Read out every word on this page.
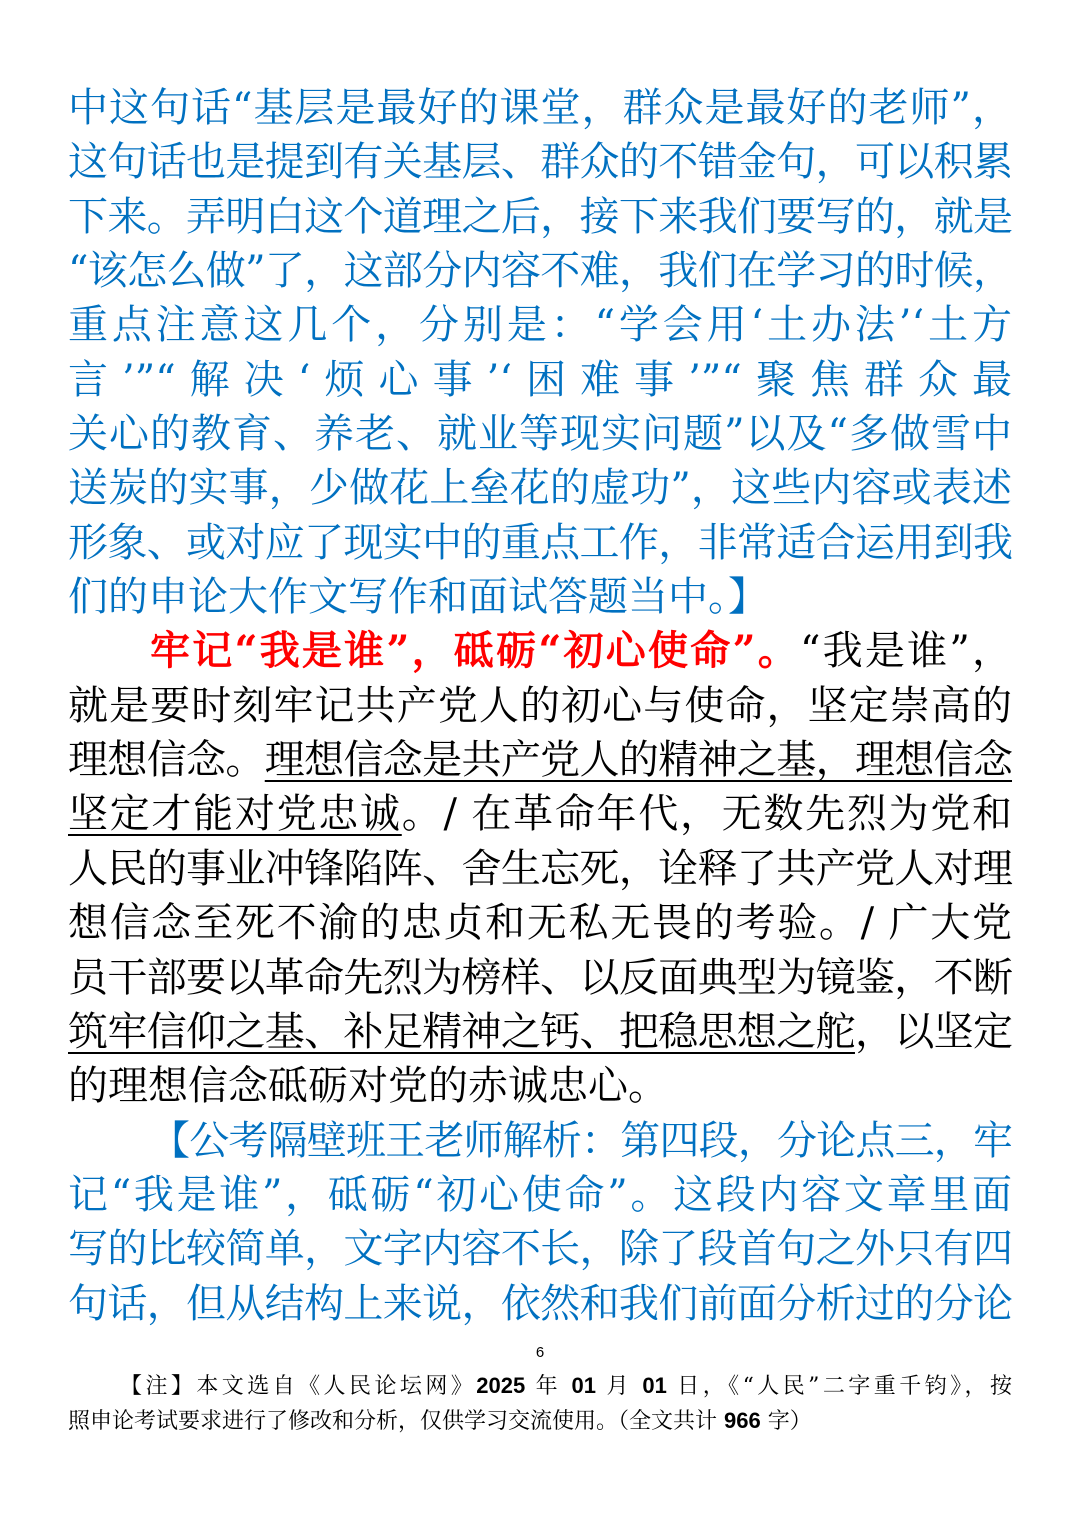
中这句话“基层是最好的课堂，群众是最好的老师”，
这句话也是提到有关基层、群众的不错金句，可以积累
下来。弄明白这个道理之后，接下来我们要写的，就是
“该怎么做”了，这部分内容不难，我们在学习的时候，
重点注意这几个，分别是：“学会用‘土办法’‘土方
言’”“解决‘烦心事’‘困难事’”“聚焦群众最
关心的教育、养老、就业等现实问题”以及“多做雪中
送炭的实事，少做花上垒花的虚功”，这些内容或表述
形象、或对应了现实中的重点工作，非常适合运用到我
们的申论大作文写作和面试答题当中。】
牢记“我是谁”，砥砺“初心使命”。“我是谁”，
就是要时刻牢记共产党人的初心与使命，坚定崇高的
理想信念。理想信念是共产党人的精神之基，理想信念
坚定才能对党忠诚。/ 在革命年代，无数先烈为党和
人民的事业冲锋陷阵、舍生忘死，诠释了共产党人对理
想信念至死不渝的忠贞和无私无畏的考验。/ 广大党
员干部要以革命先烈为榜样、以反面典型为镜鉴，不断
筑牢信仰之基、补足精神之钙、把稳思想之舵，以坚定
的理想信念砥砺对党的赤诚忠心。
【公考隔壁班王老师解析：第四段，分论点三，牢
记“我是谁”，砥砺“初心使命”。这段内容文章里面
写的比较简单，文字内容不长，除了段首句之外只有四
句话，但从结构上来说，依然和我们前面分析过的分论
6
【注】本文选自《人民论坛网》2025 年 01 月 01 日，《“人民”二字重千钧》，按
照申论考试要求进行了修改和分析，仅供学习交流使用。（全文共计 966 字）
